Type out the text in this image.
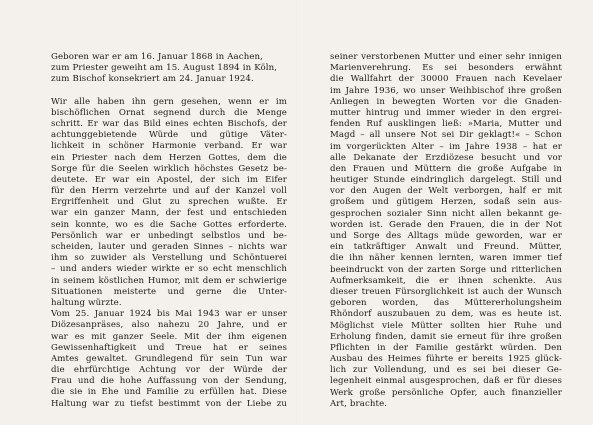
Geboren war er am 16. Januar 1868 in Aachen,
zum Priester geweiht am 15. August 1894 in Köln,
zum Bischof konsekriert am 24. Januar 1924.
Wir alle haben ihn gern gesehen, wenn er im
bischöflichen Ornat segnend durch die Menge
schritt. Er war das Bild eines echten Bischofs, der
achtunggebietende Würde und gütige Väter-
lichkeit in schöner Harmonie verband. Er war
ein Priester nach dem Herzen Gottes, dem die
Sorge für die Seelen wirklich höchstes Gesetz be-
deutete. Er war ein Apostel, der sich im Eifer
für den Herrn verzehrte und auf der Kanzel voll
Ergriffenheit und Glut zu sprechen wußte. Er
war ein ganzer Mann, der fest und entschieden
sein konnte, wo es die Sache Gottes erforderte.
Persönlich war er unbedingt selbstlos und be-
scheiden, lauter und geraden Sinnes – nichts war
ihm so zuwider als Verstellung und Schöntuerei
– und anders wieder wirkte er so echt menschlich
in seinem köstlichen Humor, mit dem er schwierige
Situationen meisterte und gerne die Unter-
haltung würzte.
Vom 25. Januar 1924 bis Mai 1943 war er unser
Diözesanpräses, also nahezu 20 Jahre, und er
war es mit ganzer Seele. Mit der ihm eigenen
Gewissenhaftigkeit und Treue hat er seines
Amtes gewaltet. Grundlegend für sein Tun war
die ehrfürchtige Achtung vor der Würde der
Frau und die hohe Auffassung von der Sendung,
die sie in Ehe und Familie zu erfüllen hat. Diese
Haltung war zu tiefst bestimmt von der Liebe zu
seiner verstorbenen Mutter und einer sehr innigen
Marienverehrung. Es sei besonders erwähnt
die Wallfahrt der 30000 Frauen nach Kevelaer
im Jahre 1936, wo unser Weihbischof ihre großen
Anliegen in bewegten Worten vor die Gnaden-
mutter hintrug und immer wieder in den ergrei-
fenden Ruf ausklingen ließ: »Maria, Mutter und
Magd – all unsere Not sei Dir geklagt!« – Schon
im vorgerückten Alter – im Jahre 1938 – hat er
alle Dekanate der Erzdiözese besucht und vor
den Frauen und Müttern die große Aufgabe in
heutiger Stunde eindringlich dargelegt. Still und
vor den Augen der Welt verborgen, half er mit
großem und gütigem Herzen, sodaß sein aus-
gesprochen sozialer Sinn nicht allen bekannt ge-
worden ist. Gerade den Frauen, die in der Not
und Sorge des Alltags müde geworden, war er
ein tatkräftiger Anwalt und Freund. Mütter,
die ihn näher kennen lernten, waren immer tief
beeindruckt von der zarten Sorge und ritterlichen
Aufmerksamkeit, die er ihnen schenkte. Aus
dieser treuen Fürsorglichkeit ist auch der Wunsch
geboren worden, das Müttererholungsheim
Rhöndorf auszubauen zu dem, was es heute ist.
Möglichst viele Mütter sollten hier Ruhe und
Erholung finden, damit sie erneut für ihre großen
Pflichten in der Familie gestärkt würden. Den
Ausbau des Heimes führte er bereits 1925 glück-
lich zur Vollendung, und es sei bei dieser Ge-
legenheit einmal ausgesprochen, daß er für dieses
Werk große persönliche Opfer, auch finanzieller
Art, brachte.
